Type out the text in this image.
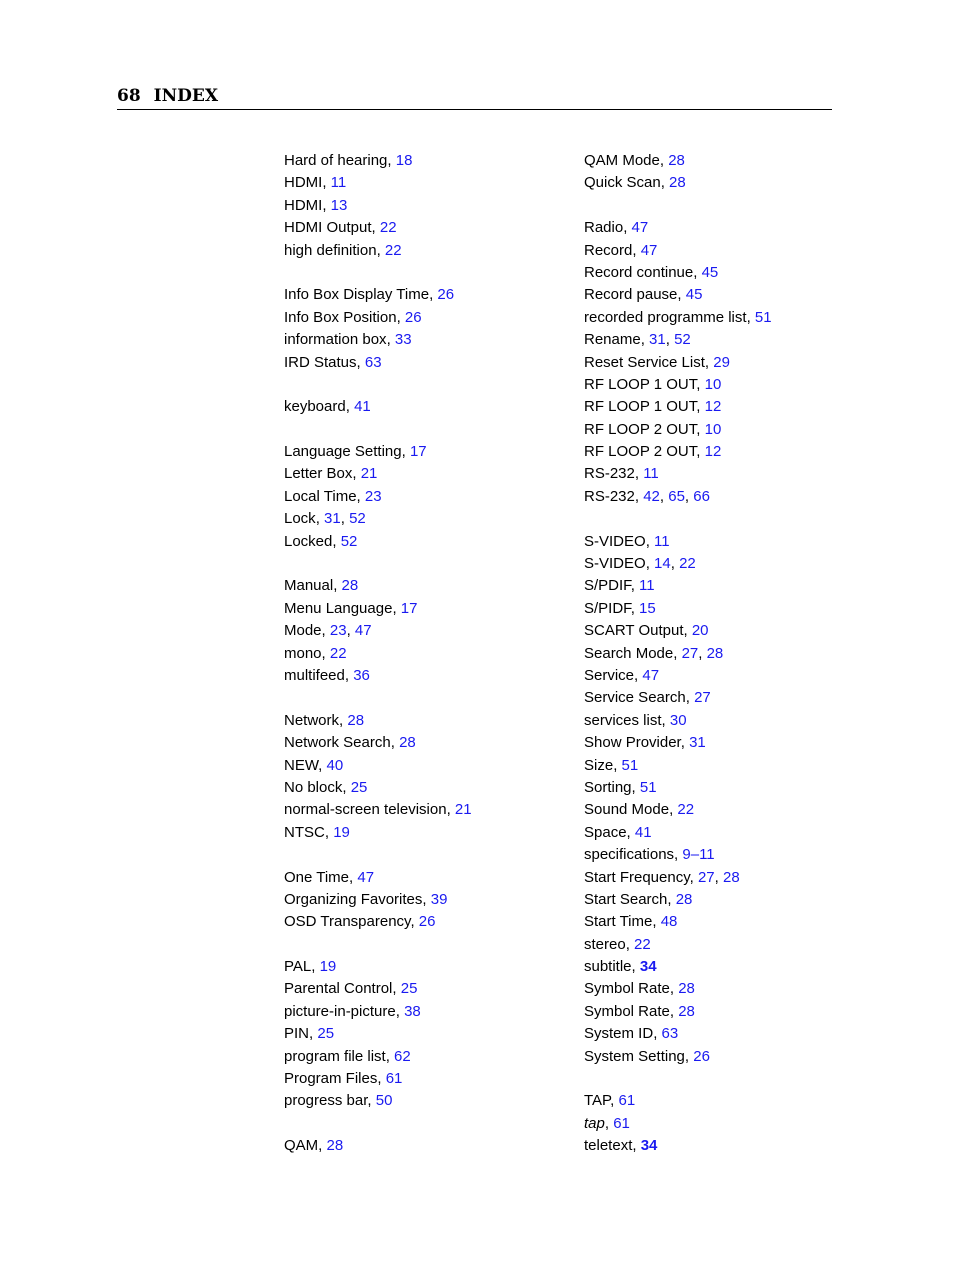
68 INDEX
Hard of hearing, 18
HDMI, 11
HDMI, 13
HDMI Output, 22
high definition, 22
Info Box Display Time, 26
Info Box Position, 26
information box, 33
IRD Status, 63
keyboard, 41
Language Setting, 17
Letter Box, 21
Local Time, 23
Lock, 31, 52
Locked, 52
Manual, 28
Menu Language, 17
Mode, 23, 47
mono, 22
multifeed, 36
Network, 28
Network Search, 28
NEW, 40
No block, 25
normal-screen television, 21
NTSC, 19
One Time, 47
Organizing Favorites, 39
OSD Transparency, 26
PAL, 19
Parental Control, 25
picture-in-picture, 38
PIN, 25
program file list, 62
Program Files, 61
progress bar, 50
QAM, 28
QAM Mode, 28
Quick Scan, 28
Radio, 47
Record, 47
Record continue, 45
Record pause, 45
recorded programme list, 51
Rename, 31, 52
Reset Service List, 29
RF LOOP 1 OUT, 10
RF LOOP 1 OUT, 12
RF LOOP 2 OUT, 10
RF LOOP 2 OUT, 12
RS-232, 11
RS-232, 42, 65, 66
S-VIDEO, 11
S-VIDEO, 14, 22
S/PDIF, 11
S/PIDF, 15
SCART Output, 20
Search Mode, 27, 28
Service, 47
Service Search, 27
services list, 30
Show Provider, 31
Size, 51
Sorting, 51
Sound Mode, 22
Space, 41
specifications, 9–11
Start Frequency, 27, 28
Start Search, 28
Start Time, 48
stereo, 22
subtitle, 34
Symbol Rate, 28
Symbol Rate, 28
System ID, 63
System Setting, 26
TAP, 61
tap, 61
teletext, 34
